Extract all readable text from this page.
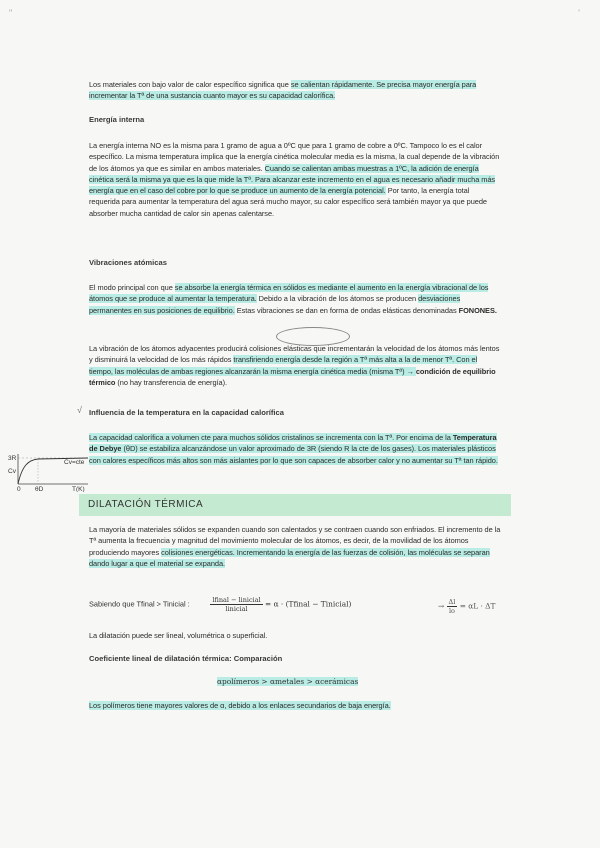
"	’

Los materiales con bajo valor de calor específico significa que se calientan rápidamente. Se precisa mayor energía para incrementar la Tª de una sustancia cuanto mayor es su capacidad calorífica.

Energía interna

La energía interna NO es la misma para 1 gramo de agua a 0ºC que para 1 gramo de cobre a 0ºC. Tampoco lo es el calor específico. La misma temperatura implica que la energía cinética molecular media es la misma, la cual depende de la vibración de los átomos ya que es similar en ambos materiales. Cuando se calientan ambas muestras a 1ºC, la adición de energía cinética será la misma ya que es la que mide la Tª. Para alcanzar este incremento en el agua es necesario añadir mucha más energía que en el caso del cobre por lo que se produce un aumento de la energía potencial. Por tanto, la energía total requerida para aumentar la temperatura del agua será mucho mayor, su calor específico será también mayor ya que puede absorber mucha cantidad de calor sin apenas calentarse.

Vibraciones atómicas

El modo principal con que se absorbe la energía térmica en sólidos es mediante el aumento en la energía vibracional de los átomos que se produce al aumentar la temperatura. Debido a la vibración de los átomos se producen desviaciones permanentes en sus posiciones de equilibrio. Estas vibraciones se dan en forma de ondas elásticas denominadas FONONES.

La vibración de los átomos adyacentes producirá colisiones elásticas que incrementarán la velocidad de los átomos más lentos y disminuirá la velocidad de los más rápidos transfiriendo energía desde la región a Tª más alta a la de menor Tª. Con el tiempo, las moléculas de ambas regiones alcanzarán la misma energía cinética media (misma Tª) → condición de equilibrio térmico (no hay transferencia de energía).

Influencia de la temperatura en la capacidad calorífica

La capacidad calorífica a volumen cte para muchos sólidos cristalinos se incrementa con la Tª. Por encima de la Temperatura de Debye (θD) se estabiliza alcanzándose un valor aproximado de 3R (siendo R la cte de los gases). Los materiales plásticos con calores específicos más altos son más aislantes por lo que son capaces de absorber calor y no aumentar su Tª tan rápido.

3R
Cv
Cv=cte
0 θD	T(K)
DILATACIÓN TÉRMICA

La mayoría de materiales sólidos se expanden cuando son calentados y se contraen cuando son enfriados. El incremento de la Tª aumenta la frecuencia y magnitud del movimiento molecular de los átomos, es decir, de la movilidad de los átomos produciendo mayores colisiones energéticas. Incrementando la energía de las fuerzas de colisión, las moléculas se separan dando lugar a que el material se expanda.

Sabiendo que Tfinal > Tinicial :	$\frac{\text{lfinal − linicial}}{\text{linicial}} = \alpha$ · (Tfinal − Tinicial)	→ $\frac{\Delta l}{lo} = \alpha L \cdot \Delta T$

La dilatación puede ser lineal, volumétrica o superficial.

Coeficiente lineal de dilatación térmica: Comparación

αpolímeros > αmetales > αcerámicas

Los polímeros tiene mayores valores de α, debido a los enlaces secundarios de baja energía.

√
